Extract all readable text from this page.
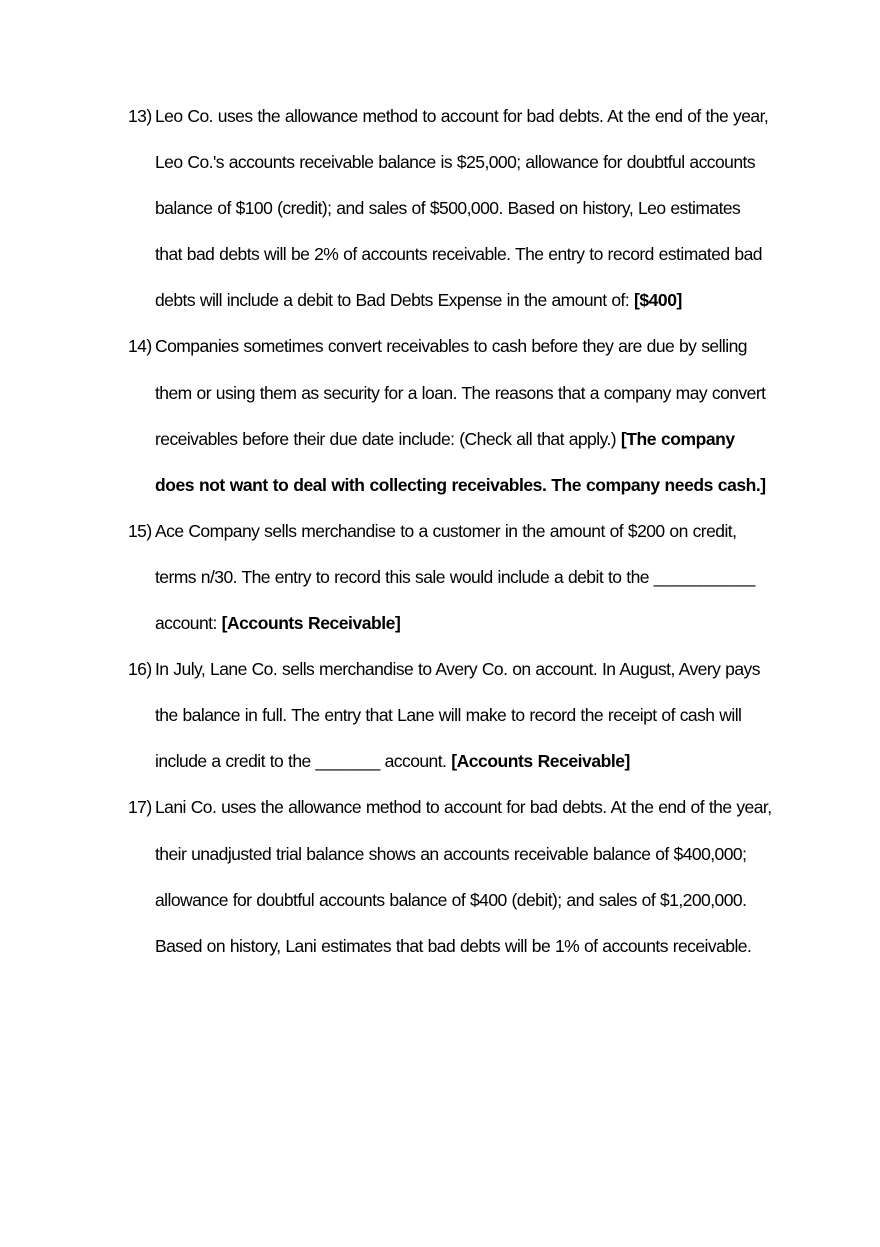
13) Leo Co. uses the allowance method to account for bad debts. At the end of the year,
Leo Co.'s accounts receivable balance is $25,000; allowance for doubtful accounts
balance of $100 (credit); and sales of $500,000. Based on history, Leo estimates
that bad debts will be 2% of accounts receivable. The entry to record estimated bad
debts will include a debit to Bad Debts Expense in the amount of: [$400]
14) Companies sometimes convert receivables to cash before they are due by selling
them or using them as security for a loan. The reasons that a company may convert
receivables before their due date include: (Check all that apply.) [The company
does not want to deal with collecting receivables. The company needs cash.]
15) Ace Company sells merchandise to a customer in the amount of $200 on credit,
terms n/30. The entry to record this sale would include a debit to the ___________
account: [Accounts Receivable]
16) In July, Lane Co. sells merchandise to Avery Co. on account. In August, Avery pays
the balance in full. The entry that Lane will make to record the receipt of cash will
include a credit to the _______ account. [Accounts Receivable]
17) Lani Co. uses the allowance method to account for bad debts. At the end of the year,
their unadjusted trial balance shows an accounts receivable balance of $400,000;
allowance for doubtful accounts balance of $400 (debit); and sales of $1,200,000.
Based on history, Lani estimates that bad debts will be 1% of accounts receivable.
